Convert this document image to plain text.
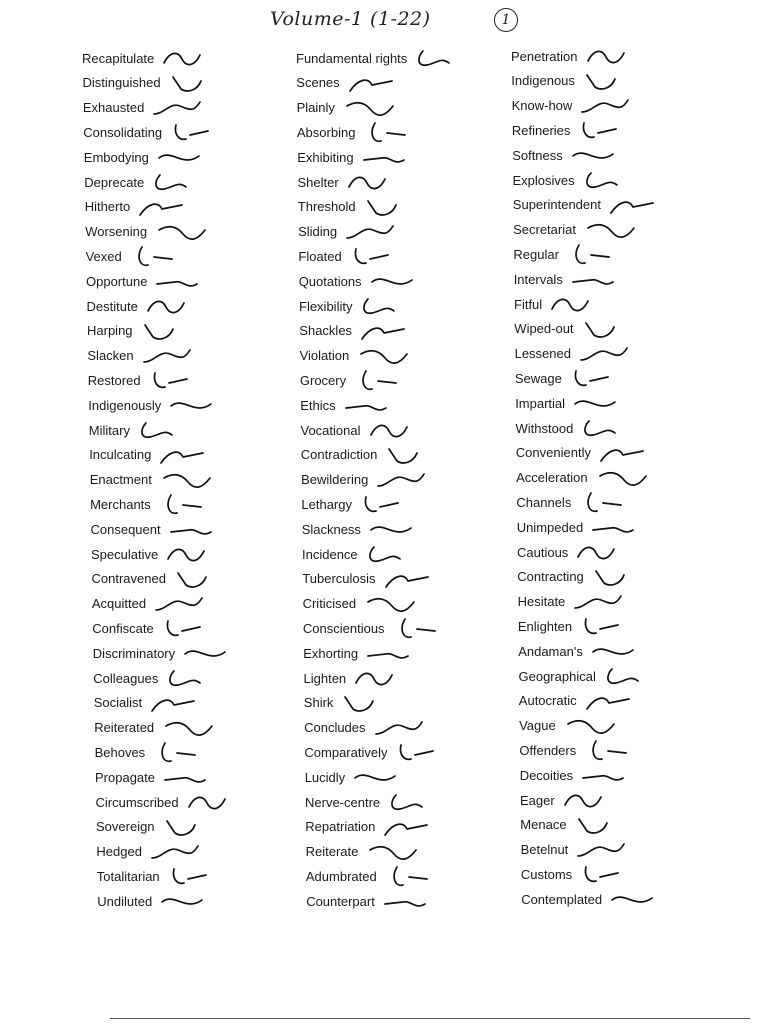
Volume-1 (1-22)	1
Recapitulate
Distinguished
Exhausted
Consolidating
Embodying
Deprecate
Hitherto
Worsening
Vexed
Opportune
Destitute
Harping
Slacken
Restored
Indigenously
Military
Inculcating
Enactment
Merchants
Consequent
Speculative
Contravened
Acquitted
Confiscate
Discriminatory
Colleagues
Socialist
Reiterated
Behoves
Propagate
Circumscribed
Sovereign
Hedged
Totalitarian
Undiluted
Fundamental rights
Scenes
Plainly
Absorbing
Exhibiting
Shelter
Threshold
Sliding
Floated
Quotations
Flexibility
Shackles
Violation
Grocery
Ethics
Vocational
Contradiction
Bewildering
Lethargy
Slackness
Incidence
Tuberculosis
Criticised
Conscientious
Exhorting
Lighten
Shirk
Concludes
Comparatively
Lucidly
Nerve-centre
Repatriation
Reiterate
Adumbrated
Counterpart
Penetration
Indigenous
Know-how
Refineries
Softness
Explosives
Superintendent
Secretariat
Regular
Intervals
Fitful
Wiped-out
Lessened
Sewage
Impartial
Withstood
Conveniently
Acceleration
Channels
Unimpeded
Cautious
Contracting
Hesitate
Enlighten
Andaman's
Geographical
Autocratic
Vague
Offenders
Decoities
Eager
Menace
Betelnut
Customs
Contemplated
